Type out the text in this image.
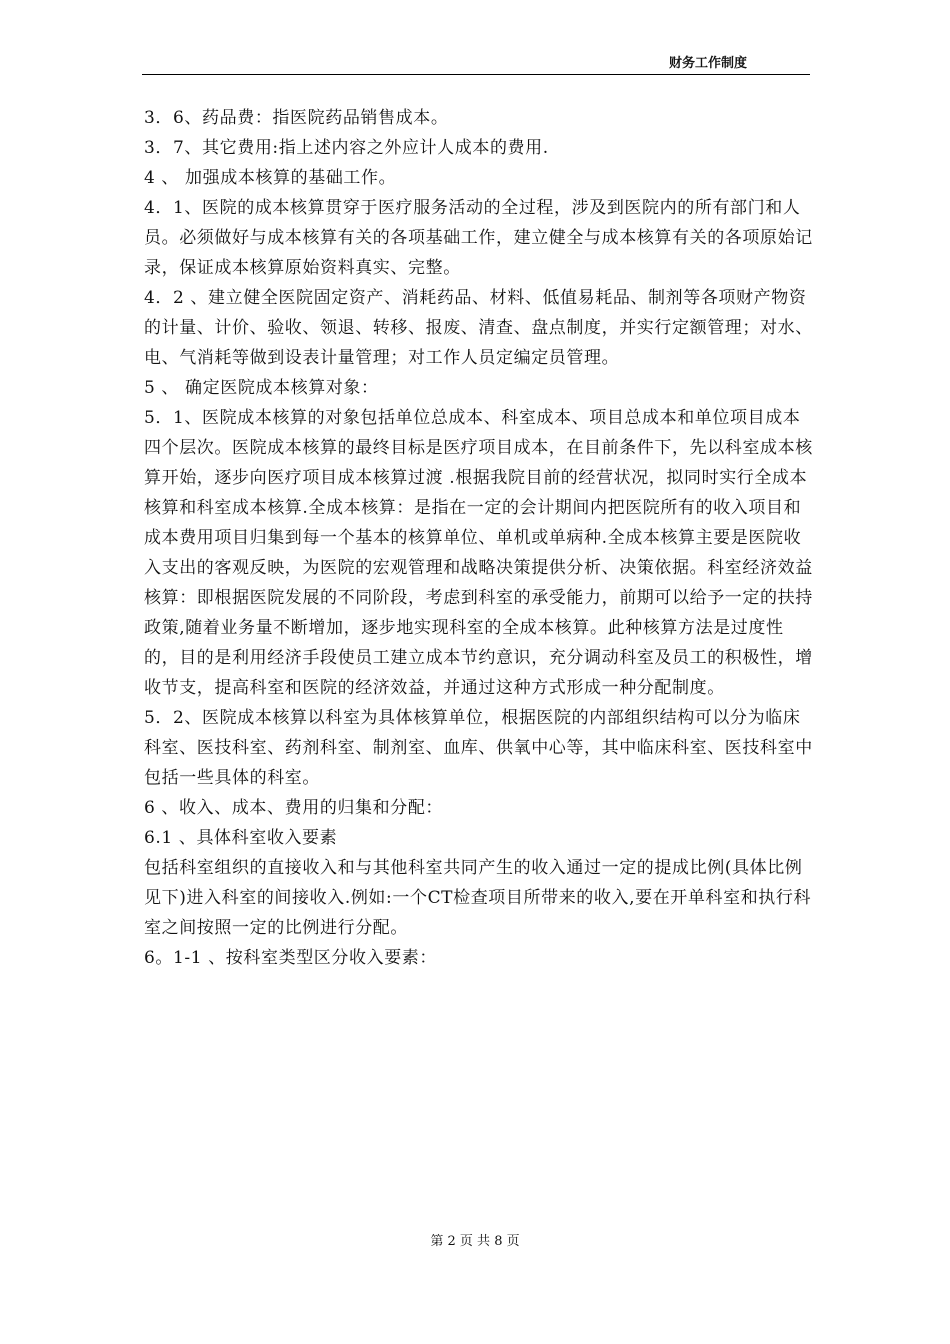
财务工作制度

3．6、药品费：指医院药品销售成本。

3．7、其它费用:指上述内容之外应计人成本的费用.

4 、 加强成本核算的基础工作。

4．1、医院的成本核算贯穿于医疗服务活动的全过程，涉及到医院内的所有部门和人员。必须做好与成本核算有关的各项基础工作，建立健全与成本核算有关的各项原始记录，保证成本核算原始资料真实、完整。

4．2 、建立健全医院固定资产、消耗药品、材料、低值易耗品、制剂等各项财产物资的计量、计价、验收、领退、转移、报废、清查、盘点制度，并实行定额管理；对水、电、气消耗等做到设表计量管理；对工作人员定编定员管理。

5 、 确定医院成本核算对象：

5．1、医院成本核算的对象包括单位总成本、科室成本、项目总成本和单位项目成本四个层次。医院成本核算的最终目标是医疗项目成本，在目前条件下，先以科室成本核算开始，逐步向医疗项目成本核算过渡 .根据我院目前的经营状况，拟同时实行全成本核算和科室成本核算.全成本核算：是指在一定的会计期间内把医院所有的收入项目和成本费用项目归集到每一个基本的核算单位、单机或单病种.全成本核算主要是医院收入支出的客观反映，为医院的宏观管理和战略决策提供分析、决策依据。科室经济效益核算：即根据医院发展的不同阶段，考虑到科室的承受能力，前期可以给予一定的扶持政策,随着业务量不断增加，逐步地实现科室的全成本核算。此种核算方法是过度性的，目的是利用经济手段使员工建立成本节约意识，充分调动科室及员工的积极性，增收节支，提高科室和医院的经济效益，并通过这种方式形成一种分配制度。

5．2、医院成本核算以科室为具体核算单位，根据医院的内部组织结构可以分为临床科室、医技科室、药剂科室、制剂室、血库、供氧中心等，其中临床科室、医技科室中包括一些具体的科室。

6 、收入、成本、费用的归集和分配：

6.1 、具体科室收入要素

包括科室组织的直接收入和与其他科室共同产生的收入通过一定的提成比例(具体比例见下)进入科室的间接收入.例如:一个CT检查项目所带来的收入,要在开单科室和执行科室之间按照一定的比例进行分配。

6。1-1 、按科室类型区分收入要素：

第 2 页 共 8 页
